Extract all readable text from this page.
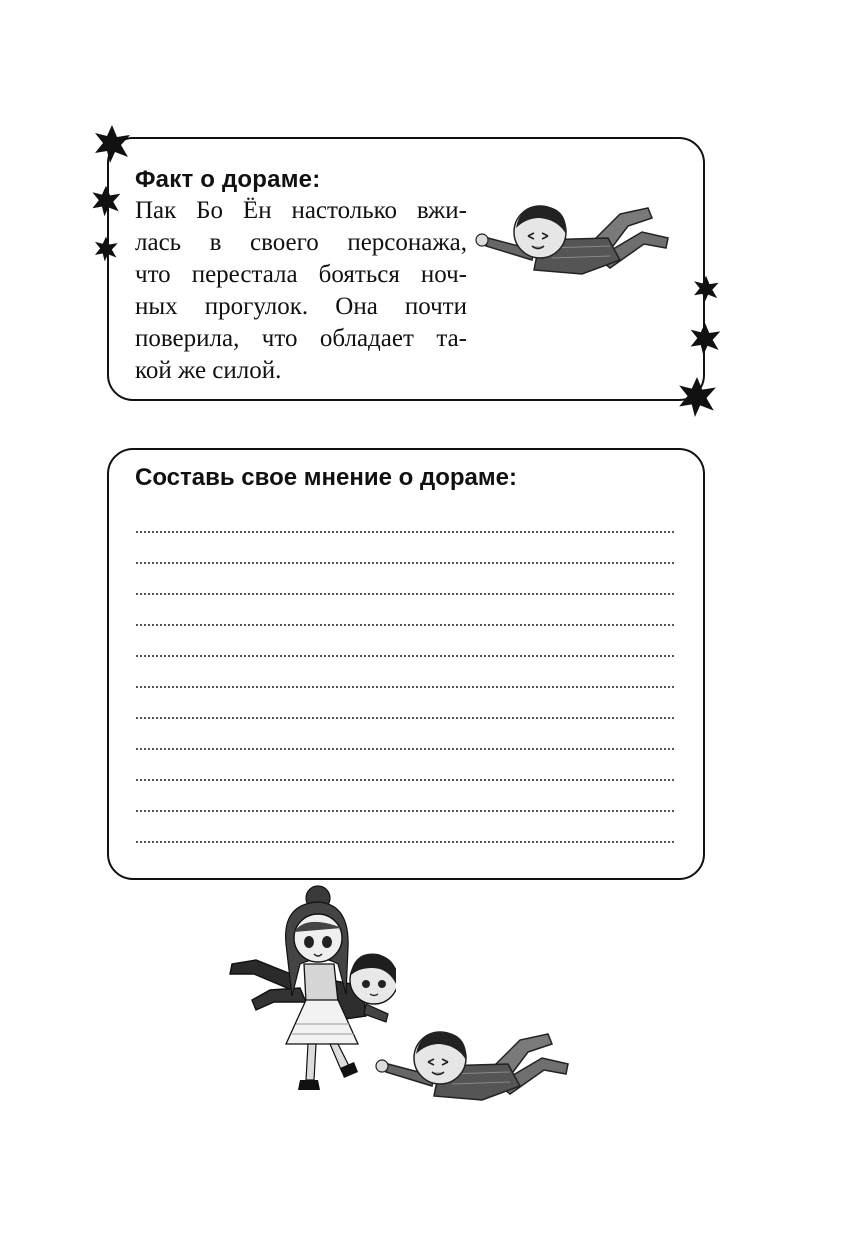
Факт о дораме:
Пак Бо Ён настолько вжи-
лась в своего персонажа,
что перестала бояться ноч-
ных прогулок. Она почти
поверила, что обладает та-
кой же силой.
Составь свое мнение о дораме:
